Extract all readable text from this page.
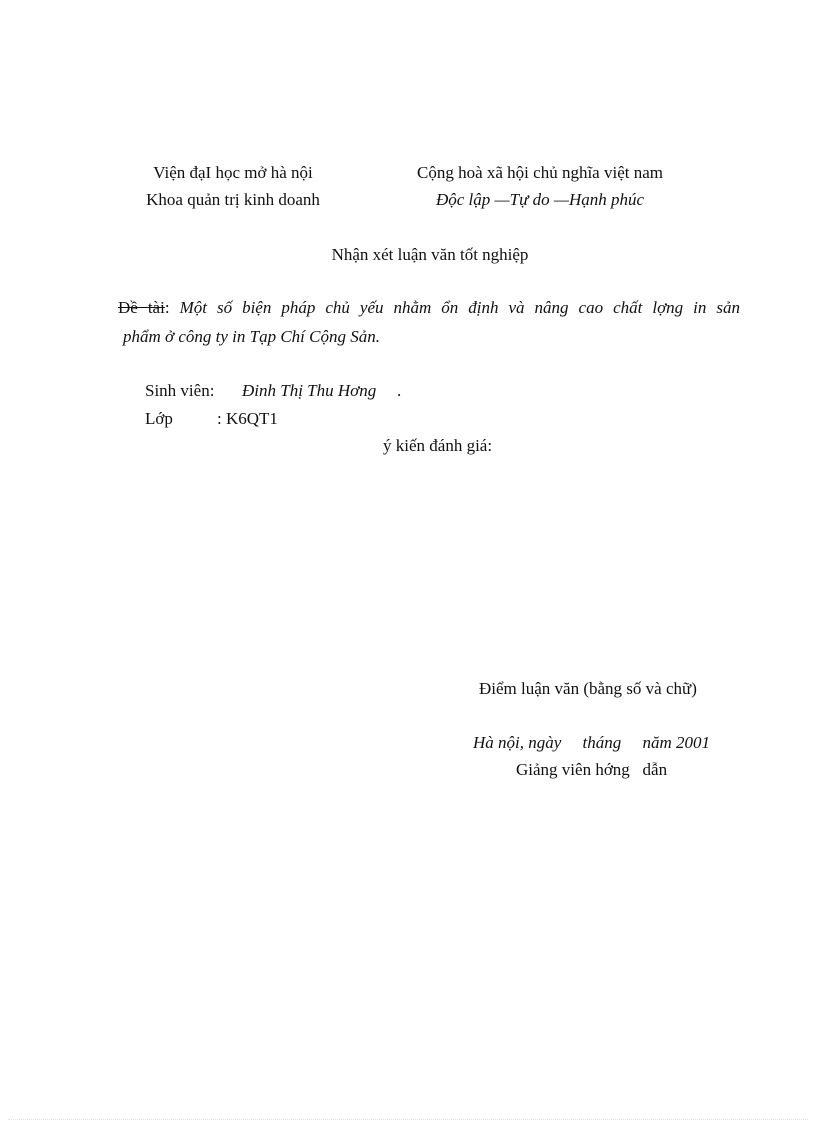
Viện đạI học mở hà nội
Khoa quản trị kinh doanh
Cộng hoà xã hội chủ nghĩa việt nam
Độc lập —Tự do —Hạnh phúc
Nhận xét luận văn tốt nghiệp
Đề tài: Một số biện pháp chủ yếu nhằm ổn định và nâng cao chất lợng in sản
phẩm ở công ty in Tạp Chí Cộng Sản.
Sinh viên: Đinh Thị Thu Hơng .
Lớp	: K6QT1
ý kiến đánh giá:
Điểm luận văn (bằng số và chữ)
Hà nội, ngày     tháng     năm 2001
Giảng viên hớng   dẫn
